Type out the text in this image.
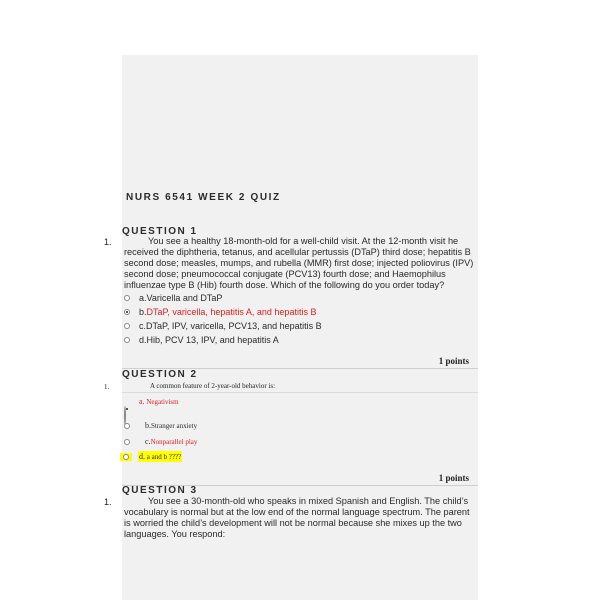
NURS 6541 WEEK 2 QUIZ
QUESTION 1
1.	You see a healthy 18-month-old for a well-child visit. At the 12-month visit he
received the diphtheria, tetanus, and acellular pertussis (DTaP) third dose; hepatitis B second dose; measles, mumps, and rubella (MMR) first dose; injected poliovirus (IPV) second dose; pneumococcal conjugate (PCV13) fourth dose; and Haemophilus influenzae type B (Hib) fourth dose. Which of the following do you order today?
a. Varicella and DTaP
b. DTaP, varicella, hepatitis A, and hepatitis B
c. DTaP, IPV, varicella, PCV13, and hepatitis B
d. Hib, PCV 13, IPV, and hepatitis A
1 points
QUESTION 2
1.	A common feature of 2-year-old behavior is:
a. Negativism
b. Stranger anxiety
c. Nonparallel play
d. a and b ????
1 points
QUESTION 3
1.	You see a 30-month-old who speaks in mixed Spanish and English. The child’s
vocabulary is normal but at the low end of the normal language spectrum. The parent is worried the child’s development will not be normal because she mixes up the two languages. You respond:
